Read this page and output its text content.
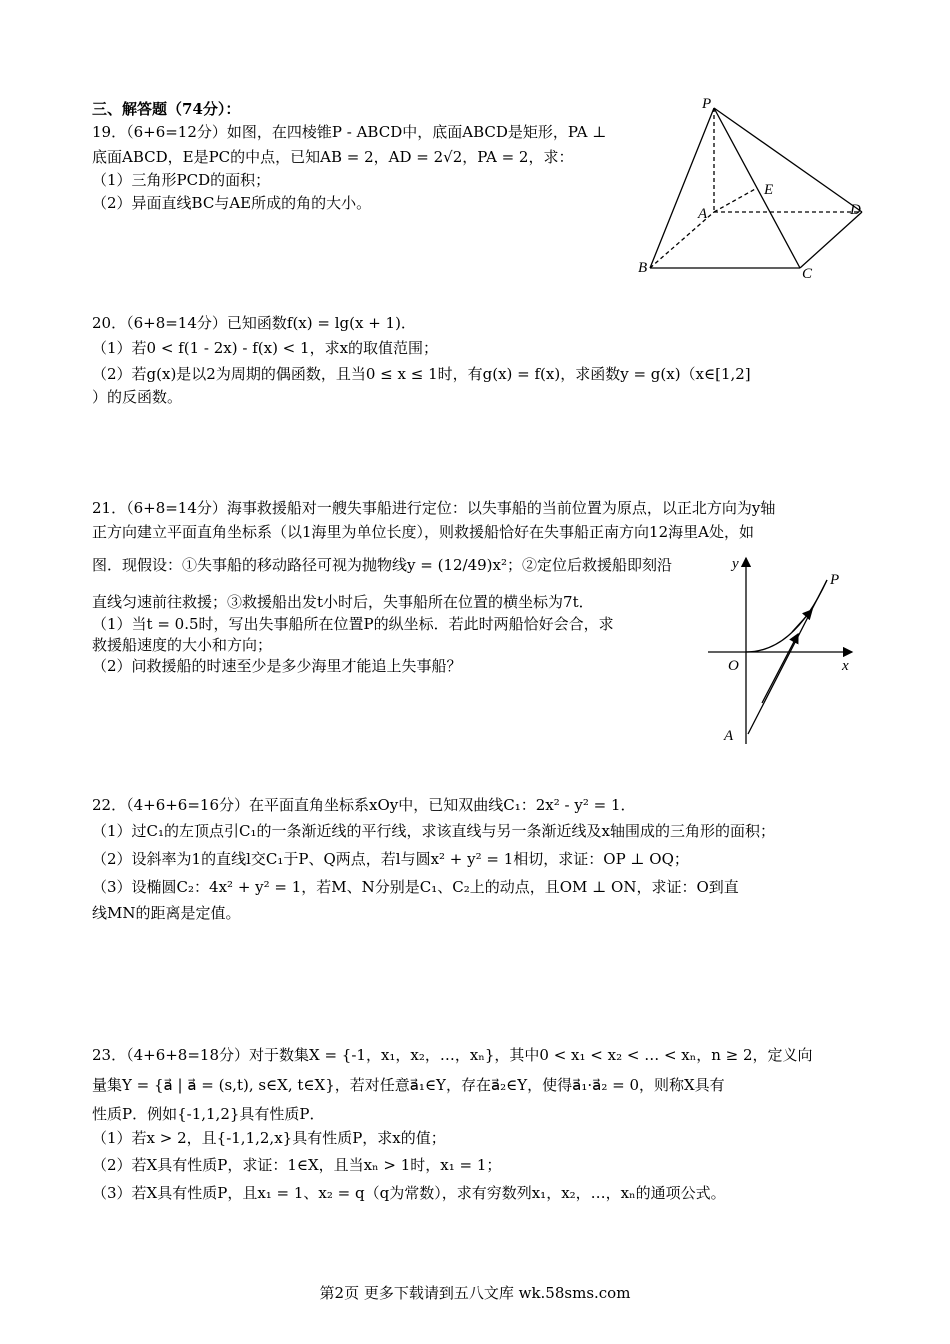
三、解答题（74分）：
19．（6+6=12分）如图，在四棱锥P - ABCD中，底面ABCD是矩形，PA ⊥
底面ABCD，E是PC的中点，已知AB = 2，AD = 2√2，PA = 2，求：
（1）三角形PCD的面积；
（2）异面直线BC与AE所成的角的大小。
P
A
B	C
D
E
20．（6+8=14分）已知函数f(x) = lg(x + 1)．
（1）若0 < f(1 - 2x) - f(x) < 1，求x的取值范围；
（2）若g(x)是以2为周期的偶函数，且当0 ≤ x ≤ 1时，有g(x) = f(x)，求函数y = g(x)（x∈[1,2]
）的反函数。
21．（6+8=14分）海事救援船对一艘失事船进行定位：以失事船的当前位置为原点，以正北方向为y轴
正方向建立平面直角坐标系（以1海里为单位长度），则救援船恰好在失事船正南方向12海里A处，如
图．现假设：①失事船的移动路径可视为抛物线y = (12/49)x²；②定位后救援船即刻沿
直线匀速前往救援；③救援船出发t小时后，失事船所在位置的横坐标为7t．
（1）当t = 0.5时，写出失事船所在位置P的纵坐标．若此时两船恰好会合，求
救援船速度的大小和方向；
（2）问救援船的时速至少是多少海里才能追上失事船？
y
x
O
P
A
22．（4+6+6=16分）在平面直角坐标系xOy中，已知双曲线C₁：2x² - y² = 1．
（1）过C₁的左顶点引C₁的一条渐近线的平行线，求该直线与另一条渐近线及x轴围成的三角形的面积；
（2）设斜率为1的直线l交C₁于P、Q两点，若l与圆x² + y² = 1相切，求证：OP ⊥ OQ；
（3）设椭圆C₂：4x² + y² = 1，若M、N分别是C₁、C₂上的动点，且OM ⊥ ON，求证：O到直
线MN的距离是定值。
23．（4+6+8=18分）对于数集X = {-1，x₁，x₂，…，xₙ}，其中0 < x₁ < x₂ < … < xₙ，n ≥ 2，定义向
量集Y = {a⃗ | a⃗ = (s,t), s∈X, t∈X}，若对任意a⃗₁∈Y，存在a⃗₂∈Y，使得a⃗₁·a⃗₂ = 0，则称X具有
性质P．例如{-1,1,2}具有性质P．
（1）若x > 2，且{-1,1,2,x}具有性质P，求x的值；
（2）若X具有性质P，求证：1∈X，且当xₙ > 1时，x₁ = 1；
（3）若X具有性质P，且x₁ = 1、x₂ = q（q为常数），求有穷数列x₁，x₂，…，xₙ的通项公式。
第2页 更多下载请到五八文库 wk.58sms.com
